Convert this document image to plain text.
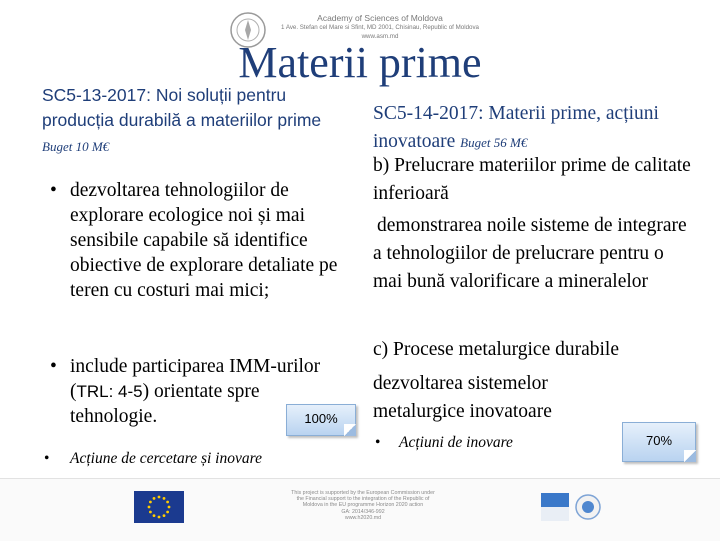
Academy of Sciences of Moldova
1 Ave. Stefan cel Mare si Sfint, MD 2001, Chisinau, Republic of Moldova
www.asm.md
Materii prime
SC5-13-2017: Noi soluții pentru producția durabilă a materiilor prime Buget 10 M€
• dezvoltarea tehnologiilor de explorare ecologice noi și mai sensibile capabile să identifice obiective de explorare detaliate pe teren cu costuri mai mici;
• include participarea IMM-urilor (TRL: 4-5) orientate spre tehnologie.
• Acțiune de cercetare și inovare
100%
SC5-14-2017: Materii prime, acțiuni inovatoare Buget 56 M€
b) Prelucrare materiilor prime de calitate inferioară
demonstrarea noile sisteme de integrare a tehnologiilor de prelucrare pentru o mai bună valorificare a mineralelor
c) Procese metalurgice durabile
dezvoltarea sistemelor metalurgice inovatoare
• Acțiuni de inovare	70%
This project is supported by the European Commission under
the Financial support to the integration of the Republic of
Moldova in the EU programme Horizon 2020 action
GA: 2014/346-992
www.h2020.md
